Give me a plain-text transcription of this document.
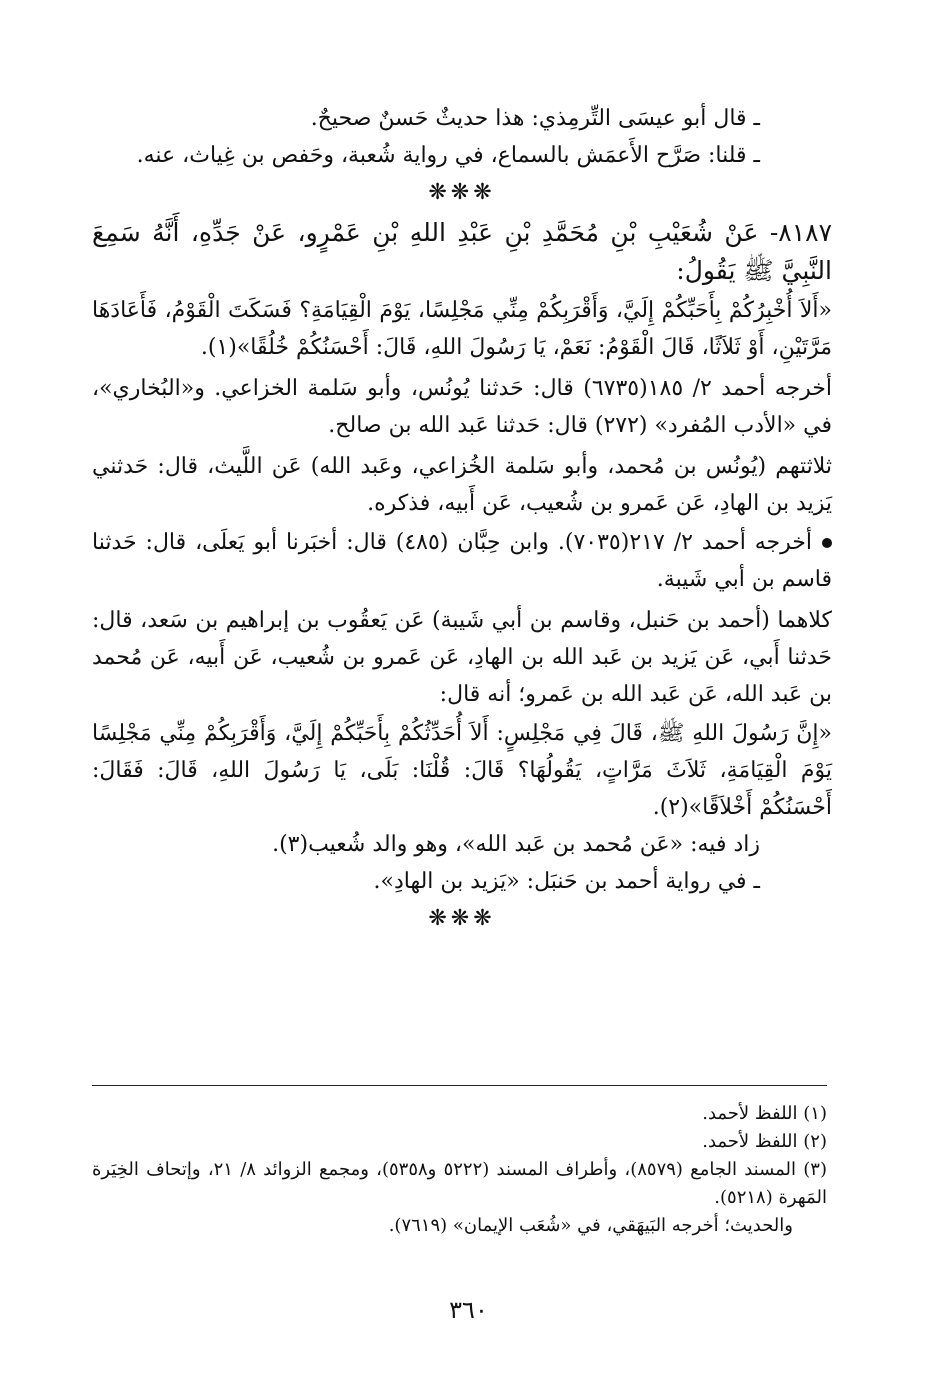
ـ قال أبو عيسَى التِّرمِذي: هذا حديثٌ حَسنٌ صحيحٌ.

ـ قلنا: صَرَّح الأَعمَش بالسماع، في رواية شُعبة، وحَفص بن غِياث، عنه.

❋❋❋

٨١٨٧- عَنْ شُعَيْبِ بْنِ مُحَمَّدِ بْنِ عَبْدِ اللهِ بْنِ عَمْرٍو، عَنْ جَدِّهِ، أَنَّهُ سَمِعَ النَّبِيَّ ﷺ يَقُولُ:

«أَلاَ أُخْبِرُكُمْ بِأَحَبِّكُمْ إِلَيَّ، وَأَقْرَبِكُمْ مِنِّي مَجْلِسًا، يَوْمَ الْقِيَامَةِ؟ فَسَكَتَ الْقَوْمُ، فَأَعَادَهَا مَرَّتَيْنِ، أَوْ ثَلاَثًا، قَالَ الْقَوْمُ: نَعَمْ، يَا رَسُولَ اللهِ، قَالَ: أَحْسَنُكُمْ خُلُقًا»(١).

أخرجه أحمد ٢/ ١٨٥(٦٧٣٥) قال: حَدثنا يُونُس، وأبو سَلمة الخزاعي. و«البُخاري»، في «الأدب المُفرد» (٢٧٢) قال: حَدثنا عَبد الله بن صالح.

ثلاثتهم (يُونُس بن مُحمد، وأبو سَلمة الخُزاعي، وعَبد الله) عَن اللَّيث، قال: حَدثني يَزيد بن الهادِ، عَن عَمرو بن شُعيب، عَن أَبيه، فذكره.

أخرجه أحمد ٢/ ٢١٧(٧٠٣٥). وابن حِبَّان (٤٨٥) قال: أخبَرنا أبو يَعلَى، قال: حَدثنا قاسم بن أبي شَيبة.

كلاهما (أحمد بن حَنبل، وقاسم بن أبي شَيبة) عَن يَعقُوب بن إبراهيم بن سَعد، قال: حَدثنا أَبي، عَن يَزيد بن عَبد الله بن الهادِ، عَن عَمرو بن شُعيب، عَن أَبيه، عَن مُحمد بن عَبد الله، عَن عَبد الله بن عَمرو؛ أنه قال:

«إِنَّ رَسُولَ اللهِ ﷺ، قَالَ فِي مَجْلِسٍ: أَلاَ أُحَدِّثُكُمْ بِأَحَبِّكُمْ إِلَيَّ، وَأَقْرَبِكُمْ مِنِّي مَجْلِسًا يَوْمَ الْقِيَامَةِ، ثَلاَثَ مَرَّاتٍ، يَقُولُهَا؟ قَالَ: قُلْنَا: بَلَى، يَا رَسُولَ اللهِ، قَالَ: فَقَالَ: أَحْسَنُكُمْ أَخْلاَقًا»(٢).

زاد فيه: «عَن مُحمد بن عَبد الله»، وهو والد شُعيب(٣).

ـ في رواية أحمد بن حَنبَل: «يَزيد بن الهادِ».

❋❋❋

(١) اللفظ لأحمد.

(٢) اللفظ لأحمد.

(٣) المسند الجامع (٨٥٧٩)، وأطراف المسند (٥٢٢٢ و٥٣٥٨)، ومجمع الزوائد ٨/ ٢١، وإتحاف الخِيَرة المَهرة (٥٢١٨).

والحديث؛ أخرجه البَيهَقي، في «شُعَب الإيمان» (٧٦١٩).

٣٦٠
